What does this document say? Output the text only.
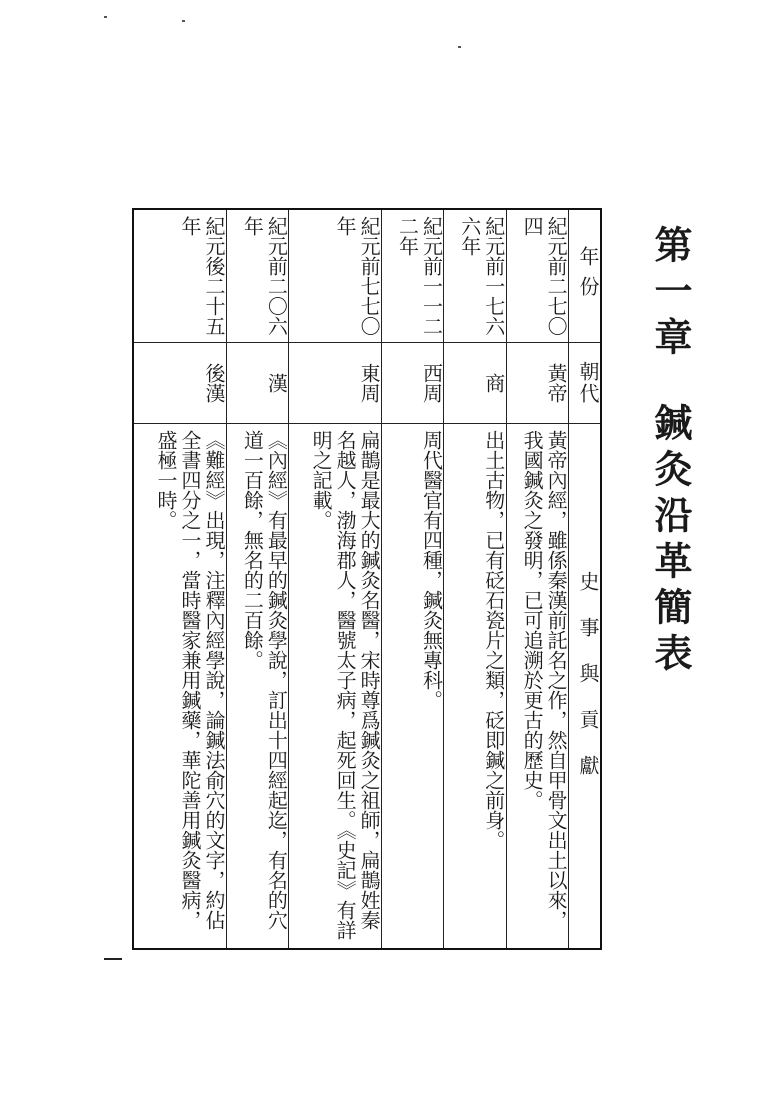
第一章鍼灸沿革簡表
年份	朝代	史事與貢獻
紀元前二七〇四	黃帝	黃帝內經，雖係秦漢前託名之作，然自甲骨文出土以來，我國鍼灸之發明，已可追溯於更古的歷史。
紀元前一七六六年	商	出土古物，已有砭石瓷片之類，砭即鍼之前身。
紀元前一一二二年	西周	周代醫官有四種，鍼灸無專科。
紀元前七七〇年	東周	扁鵲是最大的鍼灸名醫，宋時尊爲鍼灸之祖師，扁鵲姓秦名越人，渤海郡人，醫號太子病，起死回生。《史記》有詳明之記載。
紀元前二〇六年	漢	《內經》有最早的鍼灸學說，訂出十四經起迄，有名的穴道一百餘，無名的二百餘。
紀元後二十五年	後漢	《難經》出現，注釋內經學說，論鍼法俞穴的文字，約佔全書四分之一，當時醫家兼用鍼藥，華陀善用鍼灸醫病，盛極一時。
